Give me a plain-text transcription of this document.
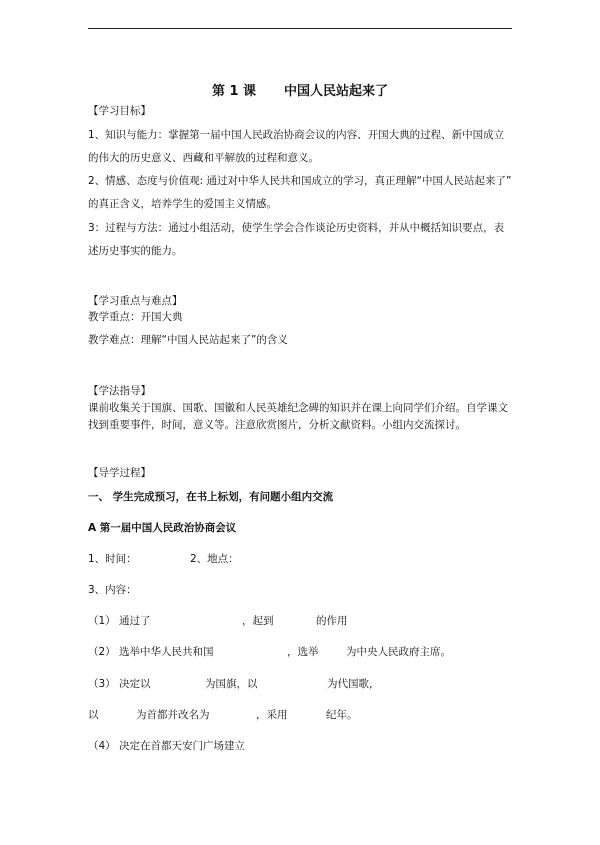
第 1 课 中国人民站起来了
【学习目标】
1、知识与能力：掌握第一届中国人民政治协商会议的内容、开国大典的过程、新中国成立
的伟大的历史意义、西藏和平解放的过程和意义。
2、情感、态度与价值观: 通过对中华人民共和国成立的学习，真正理解“中国人民站起来了”
的真正含义，培养学生的爱国主义情感。
3：过程与方法：通过小组活动，使学生学会合作谈论历史资料，并从中概括知识要点，表
述历史事实的能力。
【学习重点与难点】
教学重点：开国大典
教学难点：理解“中国人民站起来了”的含义
【学法指导】
课前收集关于国旗、国歌、国徽和人民英雄纪念碑的知识并在课上向同学们介绍。自学课文
找到重要事件，时间，意义等。注意欣赏图片，分析文献资料。小组内交流探讨。
【导学过程】
一、 学生完成预习，在书上标划，有问题小组内交流
A 第一届中国人民政治协商会议
1、时间：	2、地点：
3、内容：
（1） 通过了	，起到	的作用
（2） 选举中华人民共和国	，选举	为中央人民政府主席。
（3） 决定以	为国旗，以	为代国歌，
以	为首都并改名为	，采用	纪年。
（4） 决定在首都天安门广场建立
